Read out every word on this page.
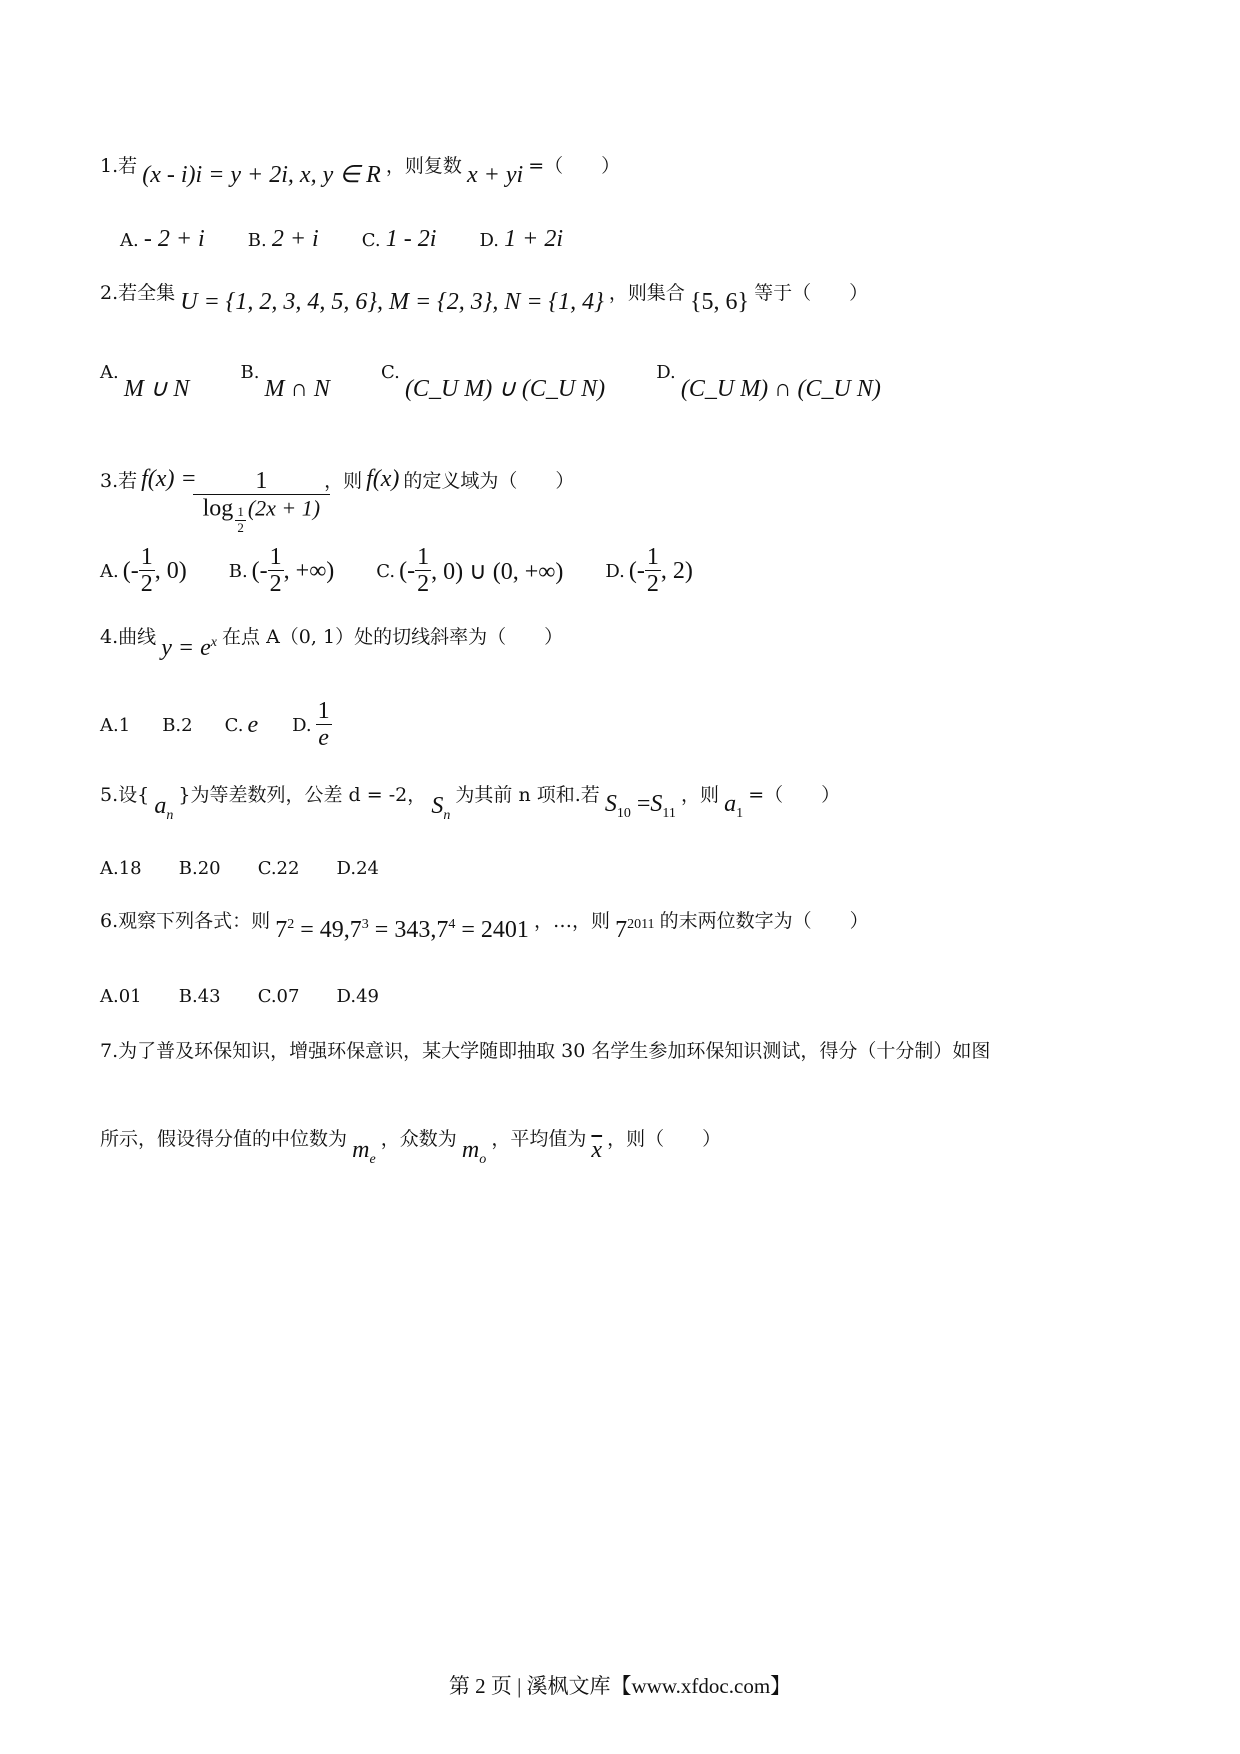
1.若 (x - i)i = y + 2i, x, y ∈ R ，则复数 x + yi =（　　）
A. - 2 + i B. 2 + i C. 1 - 2i D. 1 + 2i
2.若全集 U = {1, 2, 3, 4, 5, 6}, M = {2, 3}, N = {1, 4} ，则集合 {5, 6} 等于（　　）
A. M ∪ N B. M ∩ N C. (C_U M) ∪ (C_U N) D. (C_U M) ∩ (C_U N)
3.若 $f(x) = \frac{1}{\log \frac{1}{2} (2x + 1)}$ ，则 f(x) 的定义域为（　　）
A. (- $\frac{1}{2}$ , 0) B. (- $\frac{1}{2}$ , +∞) C. (- $\frac{1}{2}$ , 0) ∪ (0, +∞) D. (- $\frac{1}{2}$ , 2)
4.曲线 $y = e^x$ 在点 A（0, 1）处的切线斜率为（　　）
A. 1 B. 2 C. e D. $\frac{1}{e}$
5.设{ $a_n$ }为等差数列，公差 d = -2， $S_n$ 为其前 n 项和.若 $S_{10} =S_{11}$ ，则 $a_1$ =（　　）
A.18 B.20 C.22 D.24
6.观察下列各式：则 $7^2 = 49,7^3 = 343,7^4 = 2401$ ，…，则 $7^{2011}$ 的末两位数字为（　　）
A.01 B.43 C.07 D.49
7.为了普及环保知识，增强环保意识，某大学随即抽取 30 名学生参加环保知识测试，得分（十分制）如图
所示，假设得分值的中位数为 $m_e$ ，众数为 $m_o$ ，平均值为 $\overline{x}$ ，则（　　）
第 2 页 | 溪枫文库【www.xfdoc.com】
